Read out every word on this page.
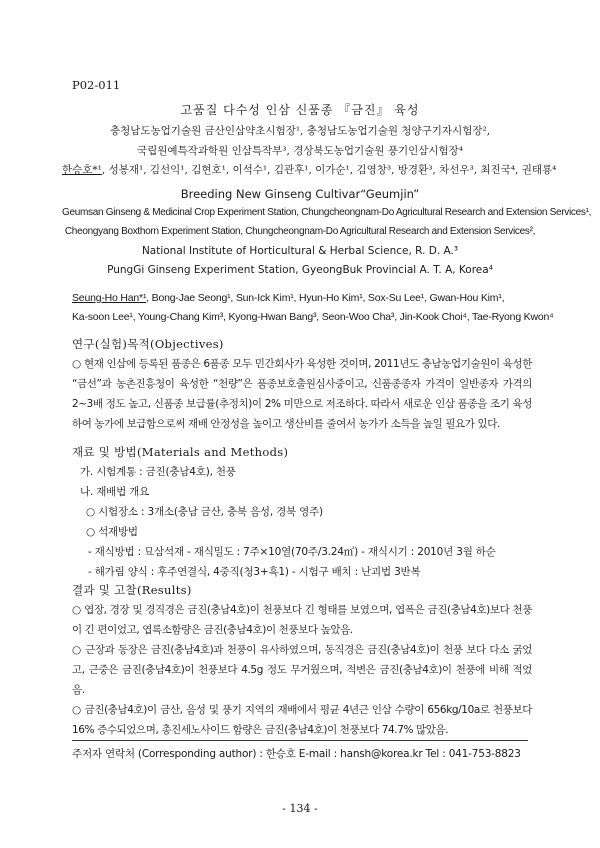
P02-011
고품질 다수성 인삼 신품종 『금진』 육성
충청남도농업기술원 금산인삼약초시험장¹, 충청남도농업기술원 청양구기자시험장²,
국립원예특작과학원 인삼특작부³, 경상북도농업기술원 풍기인삼시험장⁴
한승호*¹, 성봉재¹, 김선익¹, 김현호¹, 이석수¹, 김관후¹, 이가순¹, 김영창³, 방경환³, 차선우³, 최진국⁴, 권태룡⁴
Breeding New Ginseng Cultivar“Geumjin”
Geumsan Ginseng & Medicinal Crop Experiment Station, Chungcheongnam-Do Agricultural Research and Extension Services¹,
Cheongyang Boxthorn Experiment Station, Chungcheongnam-Do Agricultural Research and Extension Services²,
National Institute of Horticultural & Herbal Science, R. D. A.³
PungGi Ginseng Experiment Station, GyeongBuk Provincial A. T. A, Korea⁴
Seung-Ho Han*¹, Bong-Jae Seong¹, Sun-Ick Kim¹, Hyun-Ho Kim¹, Sox-Su Lee¹, Gwan-Hou Kim¹,
Ka-soon Lee¹, Young-Chang Kim³, Kyong-Hwan Bang³, Seon-Woo Cha³, Jin-Kook Choi⁴, Tae-Ryong Kwon⁴
연구(실험)목적(Objectives)
○ 현재 인삼에 등록된 품종은 6품종 모두 민간회사가 육성한 것이며, 2011년도 충남농업기술원이 육성한 “금선”과 농촌진흥청이 육성한 “천량”은 품종보호출원심사중이고, 신품종종자 가격이 일반종자 가격의 2~3배 정도 높고, 신품종 보급률(추정치)이 2% 미만으로 저조하다. 따라서 새로운 인삼 품종을 조기 육성하여 농가에 보급함으로써 재배 안정성을 높이고 생산비를 줄여서 농가가 소득을 높일 필요가 있다.
재료 및 방법(Materials and Methods)
가. 시험계통 : 금진(충남4호), 천풍
나. 재배법 개요
○ 시험장소 : 3개소(충남 금산, 충북 음성, 경북 영주)
○ 석재방법
- 재식방법 : 묘삼석재 - 재식밀도 : 7주×10열(70주/3.24㎡) - 재식시기 : 2010년 3월 하순
- 해가림 양식 : 후주연결식, 4중직(청3+흑1) - 시험구 배치 : 난괴법 3반복
결과 및 고찰(Results)
○ 엽장, 경장 및 경직경은 금진(충남4호)이 천풍보다 긴 형태를 보였으며, 엽폭은 금진(충남4호)보다 천풍이 긴 편이었고, 엽록소함량은 금진(충남4호)이 천풍보다 높았음.
○ 근장과 동장은 금진(충남4호)과 천풍이 유사하였으며, 동직경은 금진(충남4호)이 천풍 보다 다소 굵었고, 근중은 금진(충남4호)이 천풍보다 4.5g 정도 무거웠으며, 적변은 금진(충남4호)이 천풍에 비해 적었음.
○ 금진(충남4호)이 금산, 음성 및 풍기 지역의 재배에서 평균 4년근 인삼 수량이 656kg/10a로 천풍보다 16% 증수되었으며, 총진세노사이드 함량은 금진(충남4호)이 천풍보다 74.7% 많았음.
주저자 연락처 (Corresponding author) : 한승호 E-mail : hansh@korea.kr Tel : 041-753-8823
- 134 -
